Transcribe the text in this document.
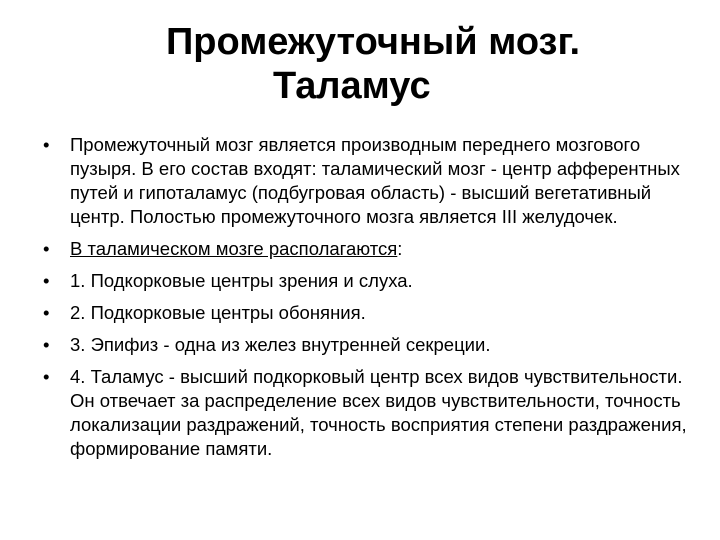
Промежуточный мозг.
Таламус
•	Промежуточный мозг является производным переднего мозгового пузыря. В его состав входят: таламический мозг - центр афферентных путей и гипоталамус (подбугровая область) - высший вегетативный центр. Полостью промежуточного мозга является III желудочек.
•	В таламическом мозге располагаются:
•	1. Подкорковые центры зрения и слуха.
•	2. Подкорковые центры обоняния.
•	3. Эпифиз - одна из желез внутренней секреции.
•	4. Таламус - высший подкорковый центр всех видов чувствительности. Он отвечает за распределение всех видов чувствительности, точность локализации раздражений, точность восприятия степени раздражения, формирование памяти.
